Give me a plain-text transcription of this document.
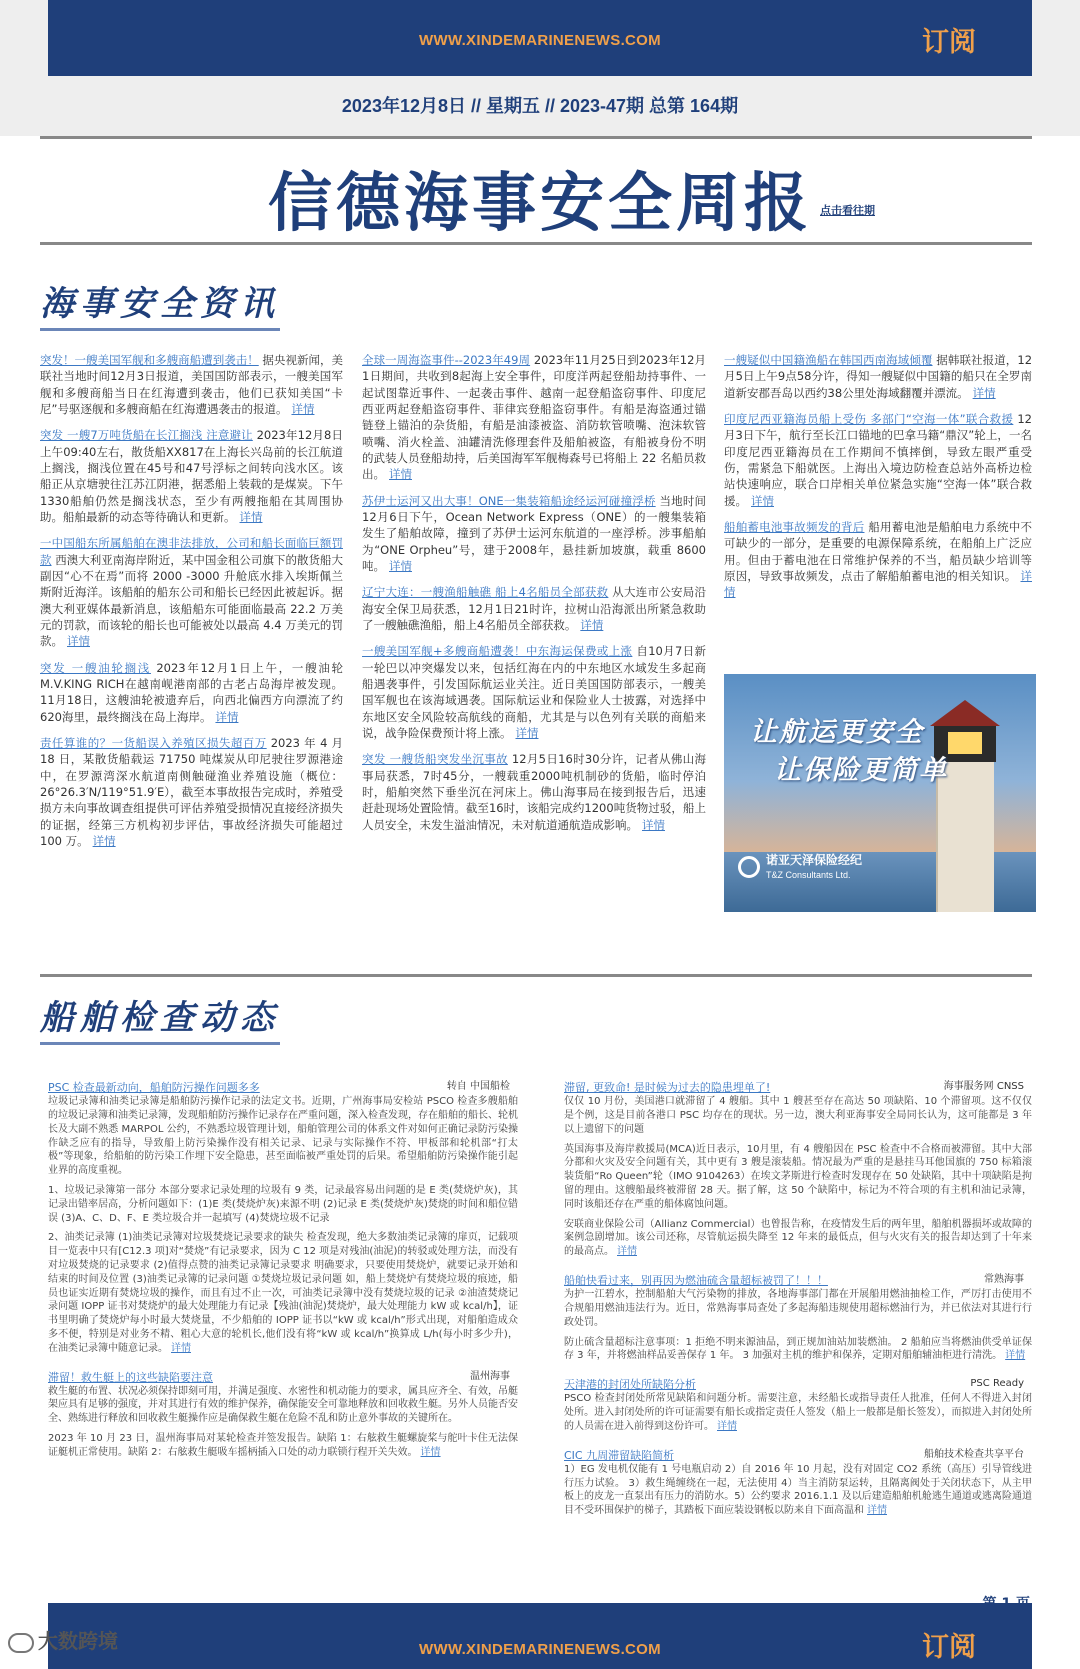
WWW.XINDEMARINENEWS.COM	订阅
2023年12月8日 // 星期五 // 2023-47期 总第 164期
信德海事安全周报 点击看往期
海事安全资讯
突发！一艘美国军舰和多艘商船遭到袭击！ 据央视新闻，美联社当地时间12月3日报道，美国国防部表示，一艘美国军舰和多艘商船当日在红海遭到袭击，他们已获知美国“卡尼”号驱逐舰和多艘商船在红海遭遇袭击的报道。 详情
突发 一艘7万吨货船在长江搁浅 注意避让 2023年12月8日上午09:40左右，散货船XX817在上海长兴岛前的长江航道上搁浅，搁浅位置在45号和47号浮标之间转向浅水区。该船正从京塘驶往江苏江阴港，据悉船上装载的是煤炭。下午1330船舶仍然是搁浅状态，至少有两艘拖船在其周围协助。船舶最新的动态等待确认和更新。 详情
一中国船东所属船舶在澳非法排放，公司和船长面临巨额罚款 西澳大利亚南海岸附近，某中国金租公司旗下的散货船大副因“心不在焉”而将 2000 -3000 升舱底水排入埃斯佩兰斯附近海洋。该船舶的船东公司和船长已经因此被起诉。据澳大利亚媒体最新消息，该船船东可能面临最高 22.2 万美元的罚款，而该轮的船长也可能被处以最高 4.4 万美元的罚款。 详情
突发 一艘油轮搁浅 2023年12月1日上午，一艘油轮M.V.KING RICH在越南岘港南部的古老占岛海岸被发现。11月18日，这艘油轮被遗弃后，向西北偏西方向漂流了约620海里，最终搁浅在岛上海岸。 详情
责任算谁的？一货船误入养殖区损失超百万 2023 年 4 月 18 日，某散货船载运 71750 吨煤炭从印尼驶往罗源港途中，在罗源湾深水航道南侧触碰渔业养殖设施（概位：26°26.3′N/119°51.9′E），截至本事故报告完成时，养殖受损方未向事故调查组提供可评估养殖受损情况直接经济损失的证据，经第三方机构初步评估，事故经济损失可能超过 100 万。 详情
全球一周海盗事件--2023年49周 2023年11月25日到2023年12月1日期间，共收到8起海上安全事件，印度洋两起登船劫持事件、一起试图靠近事件、一起袭击事件、越南一起登船盗窃事件、印度尼西亚两起登船盗窃事件、菲律宾登船盗窃事件。有船是海盗通过锚链登上锚泊的杂货船，有船是油漆被盗、消防软管喷嘴、泡沫软管喷嘴、消火栓盖、油罐清洗修理套件及船舶被盗，有船被身份不明的武装人员登船劫持，后美国海军军舰梅森号已将船上 22 名船员救出。 详情
苏伊士运河又出大事！ONE一集装箱船途经运河碰撞浮桥 当地时间12月6日下午，Ocean Network Express（ONE）的一艘集装箱发生了船舶故障，撞到了苏伊士运河东航道的一座浮桥。涉事船舶为“ONE Orpheu”号，建于2008年，悬挂新加坡旗，载重 8600 吨。 详情
辽宁大连：一艘渔船触礁 船上4名船员全部获救 从大连市公安局沿海安全保卫局获悉，12月1日21时许，拉树山沿海派出所紧急救助了一艘触礁渔船，船上4名船员全部获救。 详情
一艘美国军舰+多艘商船遭袭！中东海运保费或上涨 自10月7日新一轮巴以冲突爆发以来，包括红海在内的中东地区水域发生多起商船遇袭事件，引发国际航运业关注。近日美国国防部表示，一艘美国军舰也在该海域遇袭。国际航运业和保险业人士披露，对选择中东地区安全风险较高航线的商船，尤其是与以色列有关联的商船来说，战争险保费预计将上涨。 详情
突发 一艘货船突发坐沉事故 12月5日16时30分许，记者从佛山海事局获悉，7时45分，一艘载重2000吨机制砂的货船，临时停泊时，船舶突然下垂坐沉在河床上。佛山海事局在接到报告后，迅速赶赴现场处置险情。截至16时，该船完成约1200吨货物过驳，船上人员安全，未发生溢油情况，未对航道通航造成影响。 详情
一艘疑似中国籍渔船在韩国西南海域倾覆 据韩联社报道，12月5日上午9点58分许，得知一艘疑似中国籍的船只在全罗南道新安郡吾岛以西约38公里处海域翻覆并漂流。 详情
印度尼西亚籍海员船上受伤 多部门“空海一体”联合救援 12月3日下午，航行至长江口锚地的巴拿马籍“鼎汉”轮上，一名印度尼西亚籍海员在工作期间不慎摔倒，导致左眼严重受伤，需紧急下船就医。上海出入境边防检查总站外高桥边检站快速响应，联合口岸相关单位紧急实施“空海一体”联合救援。 详情
船舶蓄电池事故频发的背后 船用蓄电池是船舶电力系统中不可缺少的一部分，是重要的电源保障系统，在船舶上广泛应用。但由于蓄电池在日常维护保养的不当，船员缺少培训等原因，导致事故频发，点击了解船舶蓄电池的相关知识。 详情
让航运更安全
让保险更简单
诺亚天泽保险经纪
T&Z Consultants Ltd.
船舶检查动态
PSC 检查最新动向，船舶防污操作问题多多	转自 中国船检

垃圾记录簿和油类记录簿是船舶防污操作记录的法定文书。近期，广州海事局安检站 PSCO 检查多艘船舶的垃圾记录簿和油类记录簿，发现船舶防污操作记录存在严重问题，深入检查发现，存在船舶的船长、轮机长及大副不熟悉 MARPOL 公约，不熟悉垃圾管理计划，船舶管理公司的体系文件对如何正确记录防污染操作缺乏应有的指导，导致船上防污染操作没有相关记录、记录与实际操作不符、甲板部和轮机部“打太极”等现象，给船舶的防污染工作埋下安全隐患，甚至面临被严重处罚的后果。希望船舶防污染操作能引起业界的高度重视。

1、垃圾记录簿第一部分 本部分要求记录处理的垃圾有 9 类，记录最容易出问题的是 E 类(焚烧炉灰)，其记录出错率居高，分析问题如下：(1)E 类(焚烧炉灰)来源不明 (2)记录 E 类(焚烧炉灰)焚烧的时间和船位错误 (3)A、C、D、F、E 类垃圾合并一起填写 (4)焚烧垃圾不记录

2、油类记录簿 (1)油类记录簿对垃圾焚烧记录要求的缺失 检查发现，绝大多数油类记录簿的扉页，记载项目一览表中只有[C12.3 项]对“焚烧”有记录要求，因为 C 12 项是对残油(油泥)的转驳或处理方法，而没有对垃圾焚烧的记录要求 (2)值得点赞的油类记录簿记录要求 明确要求，只要使用焚烧炉，就要记录开始和结束的时间及位置 (3)油类记录簿的记录问题 ①焚烧垃圾记录问题 如，船上焚烧炉有焚烧垃圾的痕迹，船员也证实近期有焚烧垃圾的操作，而且有过不止一次，可油类记录簿中没有焚烧垃圾的记录 ②油渣焚烧记录问题 IOPP 证书对焚烧炉的最大处理能力有记录【残油(油泥)焚烧炉，最大处理能力 kW 或 kcal/h】，证书里明确了焚烧炉每小时最大焚烧量，不少船舶的 IOPP 证书以“kW 或 kcal/h”形式出现，对船舶造成众多不便，特别是对业务不精、粗心大意的轮机长,他们没有将“kW 或 kcal/h”换算成 L/h(每小时多少升)，在油类记录簿中随意记录。 详情

滞留！救生艇上的这些缺陷要注意	温州海事

救生艇的布置、状况必须保持即刻可用，并满足强度、水密性和机动能力的要求，属具应齐全、有效，吊艇架应具有足够的强度，并对其进行有效的维护保养，确保能安全可靠地释放和回收救生艇。另外人员能否安全、熟练进行释放和回收救生艇操作应是确保救生艇在危险不乱和防止意外事故的关键所在。

2023 年 10 月 23 日，温州海事局对某轮检查并签发报告。缺陷 1：右舷救生艇螺旋桨与舵叶卡住无法保证艇机正常使用。缺陷 2：右舷救生艇吸车摇柄插入口处的动力联锁行程开关失效。 详情

滞留, 更致命! 是时候为过去的隐患埋单了!	海事服务网 CNSS

仅仅 10 月份，美国港口就滞留了 4 艘船。其中 1 艘甚至存在高达 50 项缺陷、10 个滞留项。这不仅仅是个例，这是目前各港口 PSC 均存在的现状。另一边，澳大利亚海事安全局同长认为，这可能都是 3 年以上遗留下的问题

英国海事及海岸救援局(MCA)近日表示，10月里，有 4 艘船因在 PSC 检查中不合格而被滞留。其中大部分都和火灾及安全问题有关，其中更有 3 艘是滚装船。情况最为严重的是悬挂马耳他国旗的 750 标箱滚装货船“Ro Queen”轮（IMO 9104263）在埃文茅斯进行检查时发现存在 50 处缺陷，其中十项缺陷是拘留的理由。这艘船最终被滞留 28 天。据了解，这 50 个缺陷中，标记为不符合项的有主机和油记录簿，同时该船还存在严重的船体腐蚀问题。

安联商业保险公司（Allianz Commercial）也曾报告称，在疫情发生后的两年里，船舶机器损坏或故障的案例急剧增加。该公司还称，尽管航运损失降至 12 年来的最低点，但与火灾有关的报告却达到了十年来的最高点。 详情

船舶快看过来，别再因为燃油硫含量超标被罚了！！！	常熟海事

为护一江碧水，控制船舶大气污染物的排放，各地海事部门都在开展船用燃油抽检工作，严厉打击使用不合规船用燃油违法行为。近日，常熟海事局查处了多起海船违规使用超标燃油行为，并已依法对其进行行政处罚。

防止硫含量超标注意事项：1 拒绝不明来源油品，到正规加油站加装燃油。 2 船舶应当将燃油供受单证保存 3 年，并将燃油样品妥善保存 1 年。 3 加强对主机的维护和保养，定期对船舶辅油柜进行清洗。 详情

天津港的封闭处所缺陷分析	PSC Ready

PSCO 检查封闭处所常见缺陷和问题分析。需要注意，未经船长或指导责任人批准，任何人不得进入封闭处所。进入封闭处所的许可证需要有船长或指定责任人签发（船上一般都是船长签发），而拟进入封闭处所的人员需在进入前得到这份许可。 详情

CIC 九周滞留缺陷简析	船舶技术检查共享平台

1）EG 发电机仅能有 1 号电瓶启动 2）自 2016 年 10 月起，没有对固定 CO2 系统（高压）引导管线进行压力试验。 3）救生绳缠绕在一起，无法使用 4）当主消防泵运转，且隔离阀处于关闭状态下，从主甲板上的皮龙一直泵出有压力的消防水。5）公约要求 2016.1.1 及以后建造船舶机舱逃生通道或逃离险通道目不受环围保护的梯子，其踏板下面应装设钢板以防来自下面高温和 详情

WWW.XINDEMARINENEWS.COM	订阅
大数跨境
